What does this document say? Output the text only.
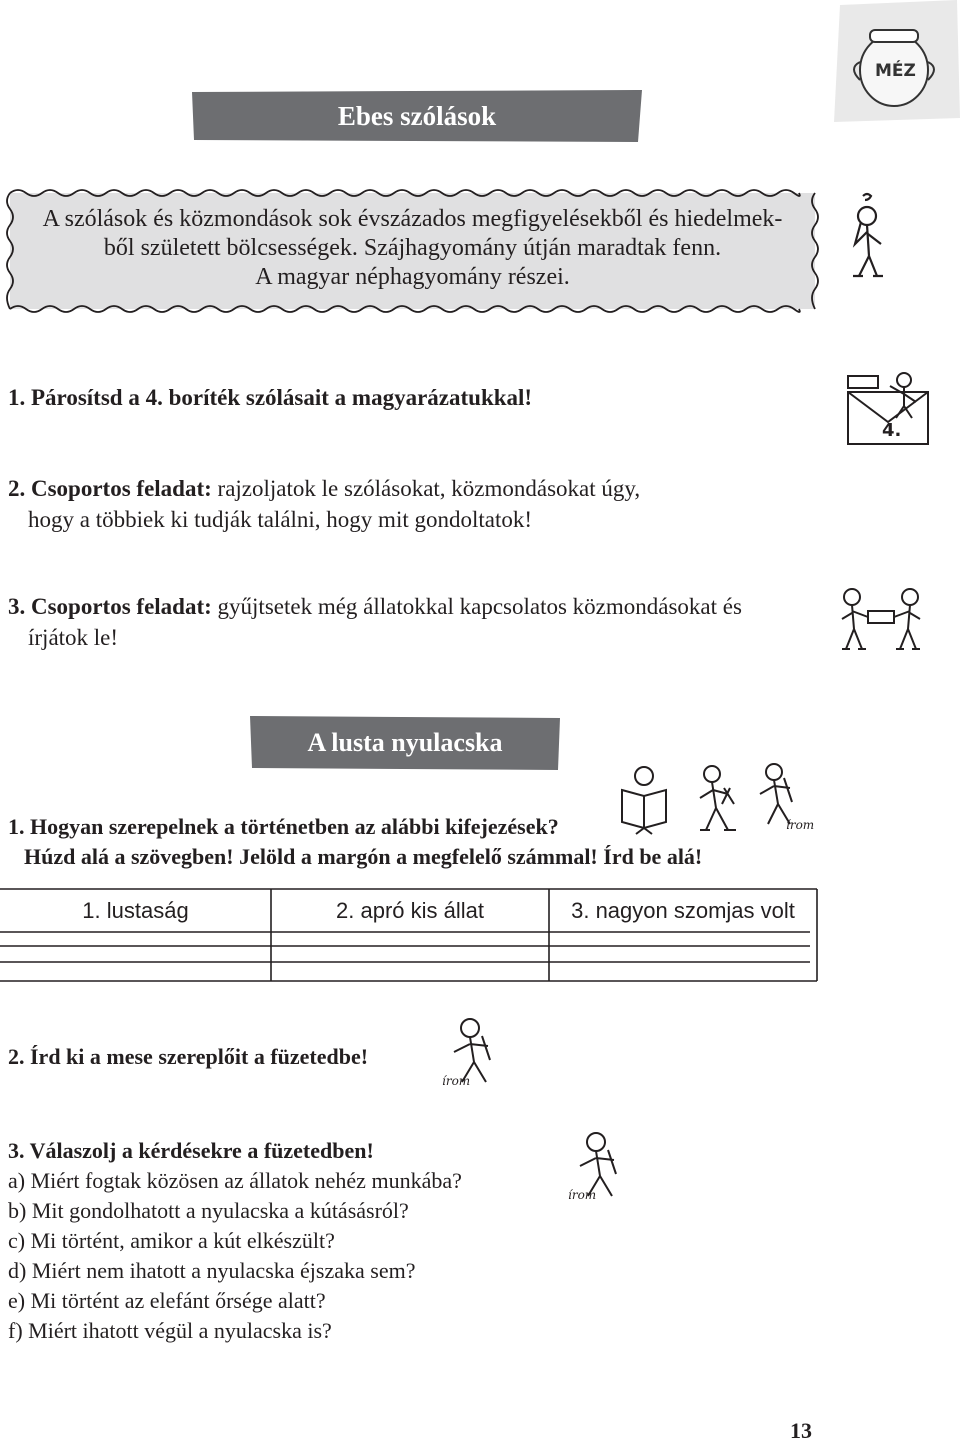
MÉZ
Ebes szólások
A szólások és közmondások sok évszázados megfigyelésekből és hiedelmek-
ből született bölcsességek. Szájhagyomány útján maradtak fenn.
A magyar néphagyomány részei.
1. Párosítsd a 4. boríték szólásait a magyarázatukkal!
4.
2. Csoportos feladat: rajzoljatok le szólásokat, közmondásokat úgy,
hogy a többiek ki tudják találni, hogy mit gondoltatok!
3. Csoportos feladat: gyűjtsetek még állatokkal kapcsolatos közmondásokat és
írjátok le!
A lusta nyulacska
írom
1. Hogyan szerepelnek a történetben az alábbi kifejezések?
Húzd alá a szövegben! Jelöld a margón a megfelelő számmal! Írd be alá!
1. lustaság	2. apró kis állat	3. nagyon szomjas volt
2. Írd ki a mese szereplőit a füzetedbe!
írom
3. Válaszolj a kérdésekre a füzetedben!
a) Miért fogtak közösen az állatok nehéz munkába?
b) Mit gondolhatott a nyulacska a kútásásról?
c) Mi történt, amikor a kút elkészült?
d) Miért nem ihatott a nyulacska éjszaka sem?
e) Mi történt az elefánt őrsége alatt?
f) Miért ihatott végül a nyulacska is?
írom
13
